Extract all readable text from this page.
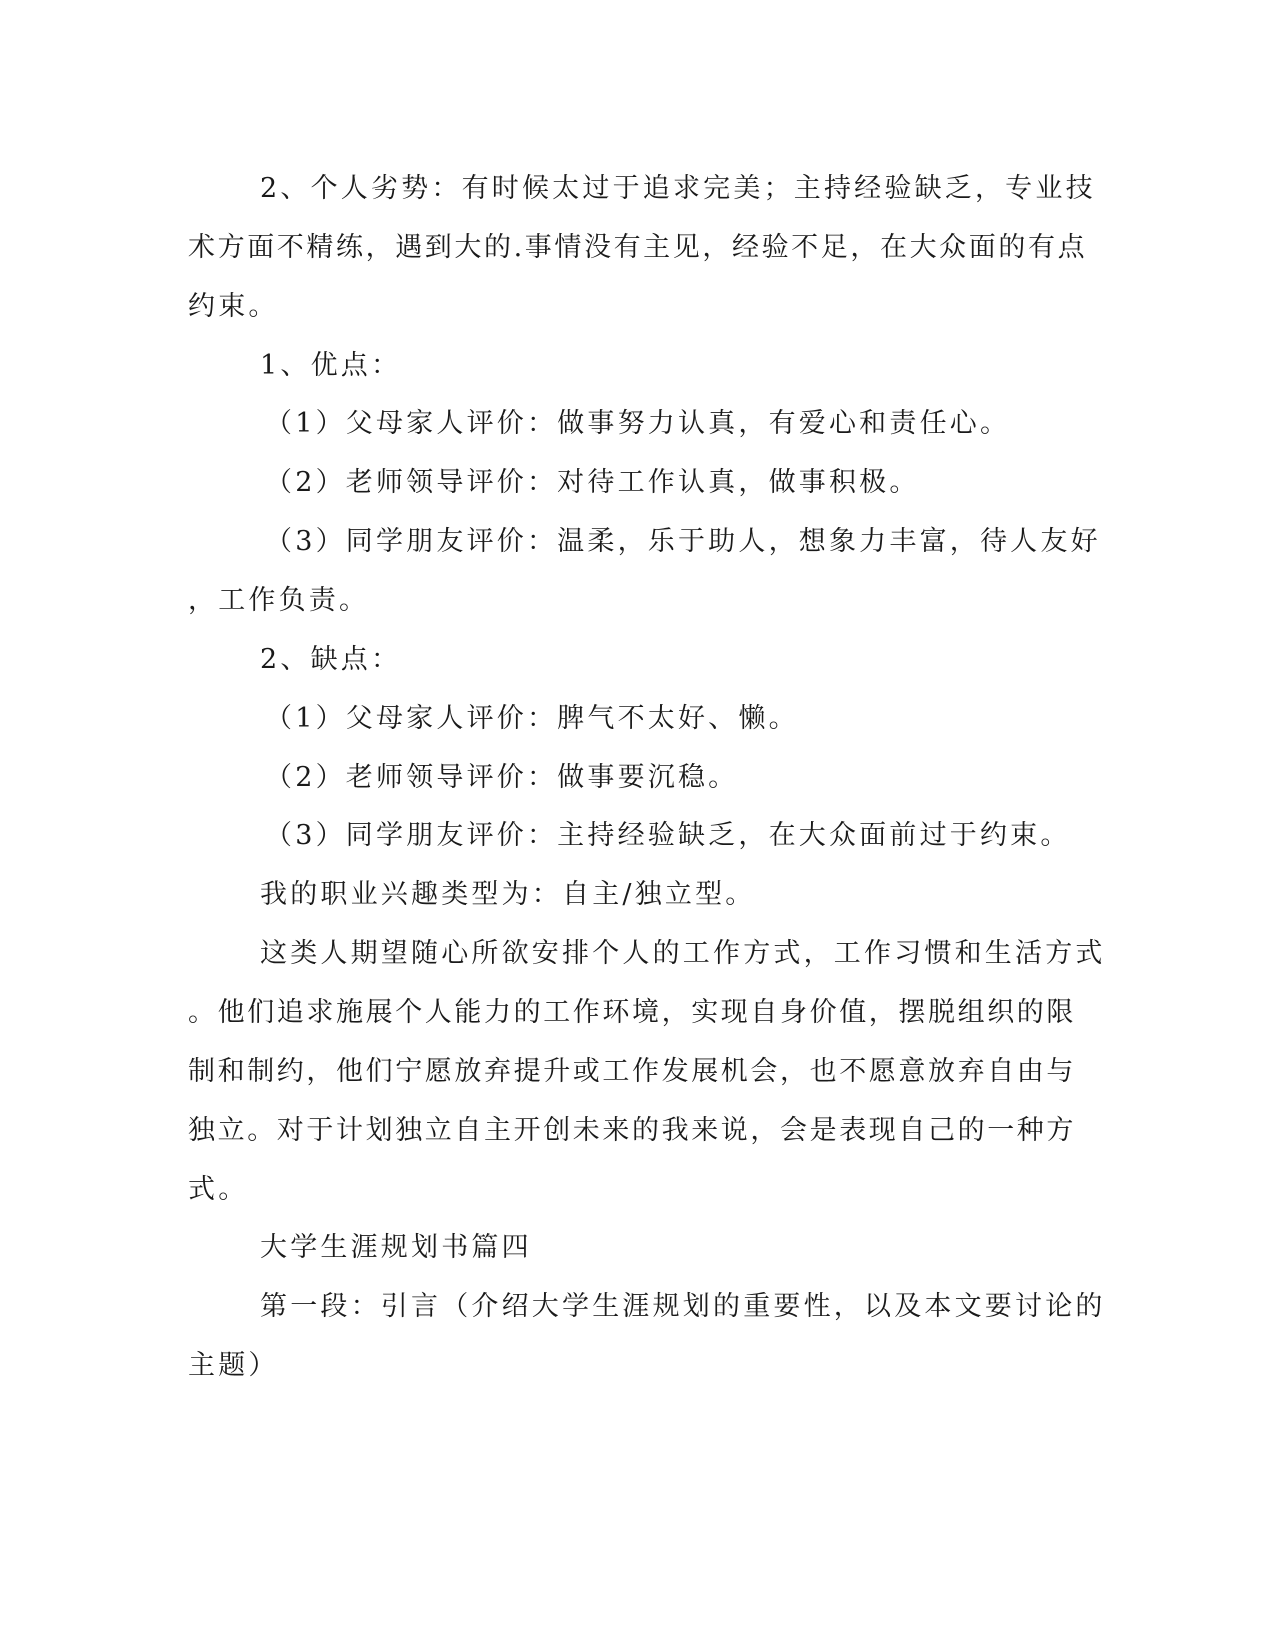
2、个人劣势：有时候太过于追求完美；主持经验缺乏，专业技
术方面不精练，遇到大的.事情没有主见，经验不足，在大众面的有点
约束。
1、优点：
（1）父母家人评价：做事努力认真，有爱心和责任心。
（2）老师领导评价：对待工作认真，做事积极。
（3）同学朋友评价：温柔，乐于助人，想象力丰富，待人友好
，工作负责。
2、缺点：
（1）父母家人评价：脾气不太好、懒。
（2）老师领导评价：做事要沉稳。
（3）同学朋友评价：主持经验缺乏，在大众面前过于约束。
我的职业兴趣类型为：自主/独立型。
这类人期望随心所欲安排个人的工作方式，工作习惯和生活方式
。他们追求施展个人能力的工作环境，实现自身价值，摆脱组织的限
制和制约，他们宁愿放弃提升或工作发展机会，也不愿意放弃自由与
独立。对于计划独立自主开创未来的我来说，会是表现自己的一种方
式。
大学生涯规划书篇四
第一段：引言（介绍大学生涯规划的重要性，以及本文要讨论的
主题）
